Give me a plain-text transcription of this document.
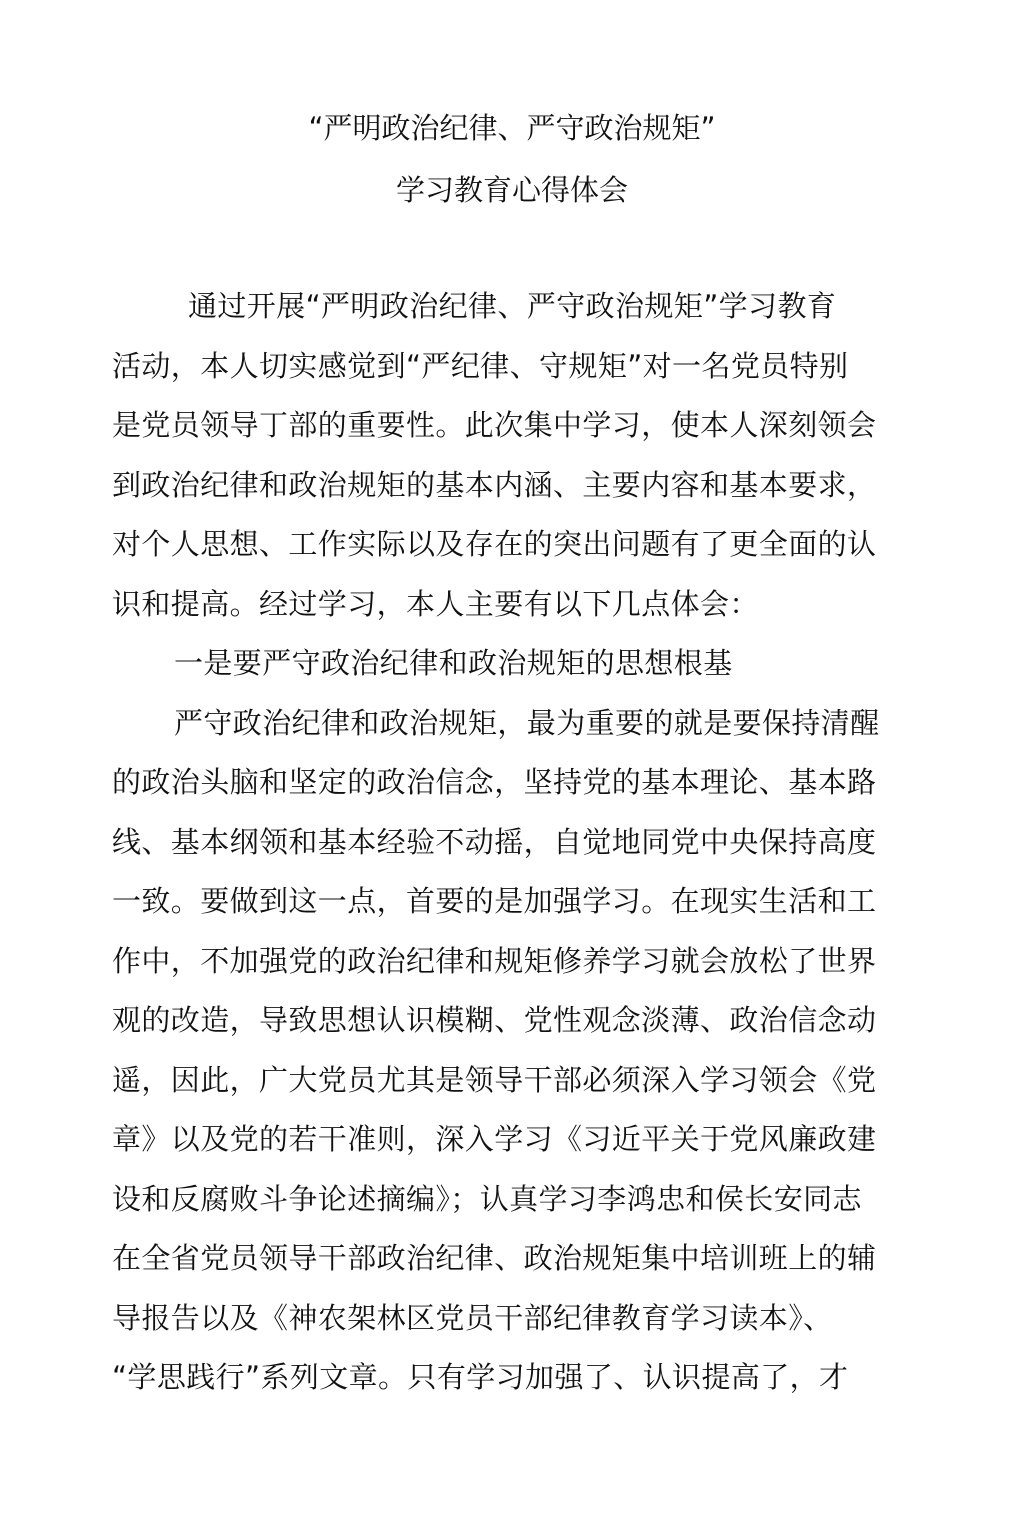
“严明政治纪律、严守政治规矩”
学习教育心得体会
通过开展“严明政治纪律、严守政治规矩”学习教育
活动，本人切实感觉到“严纪律、守规矩”对一名党员特别
是党员领导丁部的重要性。此次集中学习，使本人深刻领会
到政治纪律和政治规矩的基本内涵、主要内容和基本要求，
对个人思想、工作实际以及存在的突出问题有了更全面的认
识和提高。经过学习，本人主要有以下几点体会：
一是要严守政治纪律和政治规矩的思想根基
严守政治纪律和政治规矩，最为重要的就是要保持清醒
的政治头脑和坚定的政治信念，坚持党的基本理论、基本路
线、基本纲领和基本经验不动摇，自觉地同党中央保持高度
一致。要做到这一点，首要的是加强学习。在现实生活和工
作中，不加强党的政治纪律和规矩修养学习就会放松了世界
观的改造，导致思想认识模糊、党性观念淡薄、政治信念动
遥，因此，广大党员尤其是领导干部必须深入学习领会《党
章》以及党的若干准则，深入学习《习近平关于党风廉政建
设和反腐败斗争论述摘编》；认真学习李鸿忠和侯长安同志
在全省党员领导干部政治纪律、政治规矩集中培训班上的辅
导报告以及《神农架林区党员干部纪律教育学习读本》、
“学思践行”系列文章。只有学习加强了、认识提高了，才
